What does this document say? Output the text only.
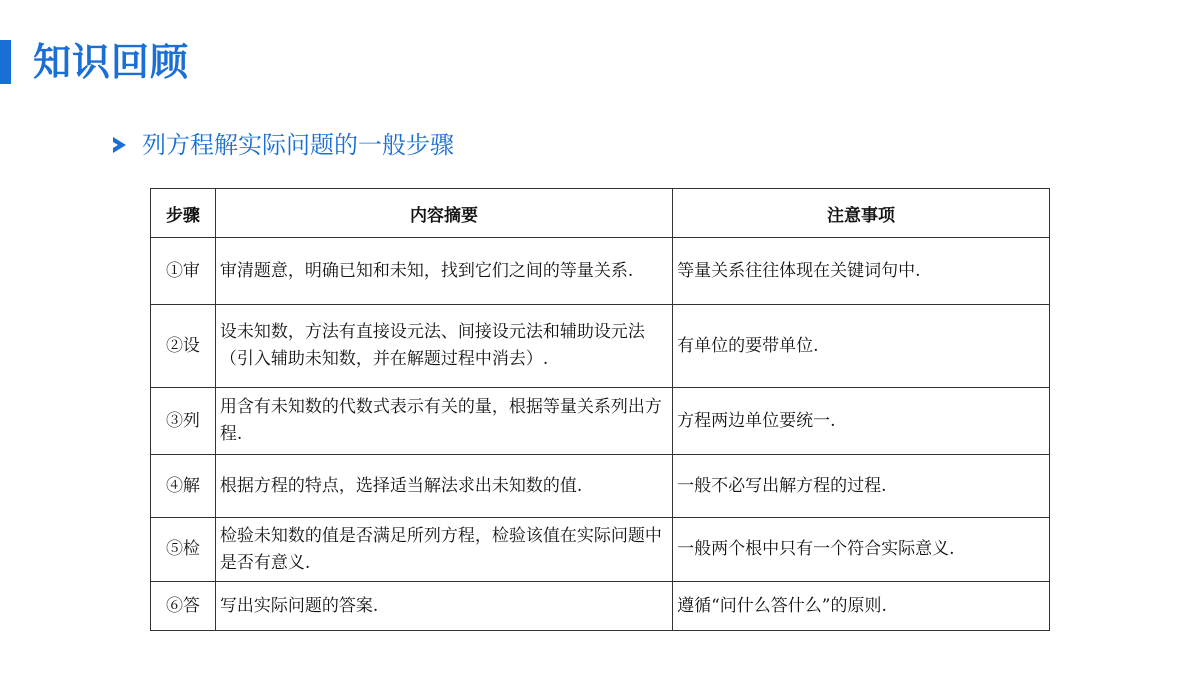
知识回顾
列方程解实际问题的一般步骤
步骤	内容摘要	注意事项
①审	审清题意，明确已知和未知，找到它们之间的等量关系.	等量关系往往体现在关键词句中.
②设	设未知数，方法有直接设元法、间接设元法和辅助设元法（引入辅助未知数，并在解题过程中消去）.	有单位的要带单位.
③列	用含有未知数的代数式表示有关的量，根据等量关系列出方程.	方程两边单位要统一.
④解	根据方程的特点，选择适当解法求出未知数的值.	一般不必写出解方程的过程.
⑤检	检验未知数的值是否满足所列方程，检验该值在实际问题中是否有意义.	一般两个根中只有一个符合实际意义.
⑥答	写出实际问题的答案.	遵循“问什么答什么”的原则.
